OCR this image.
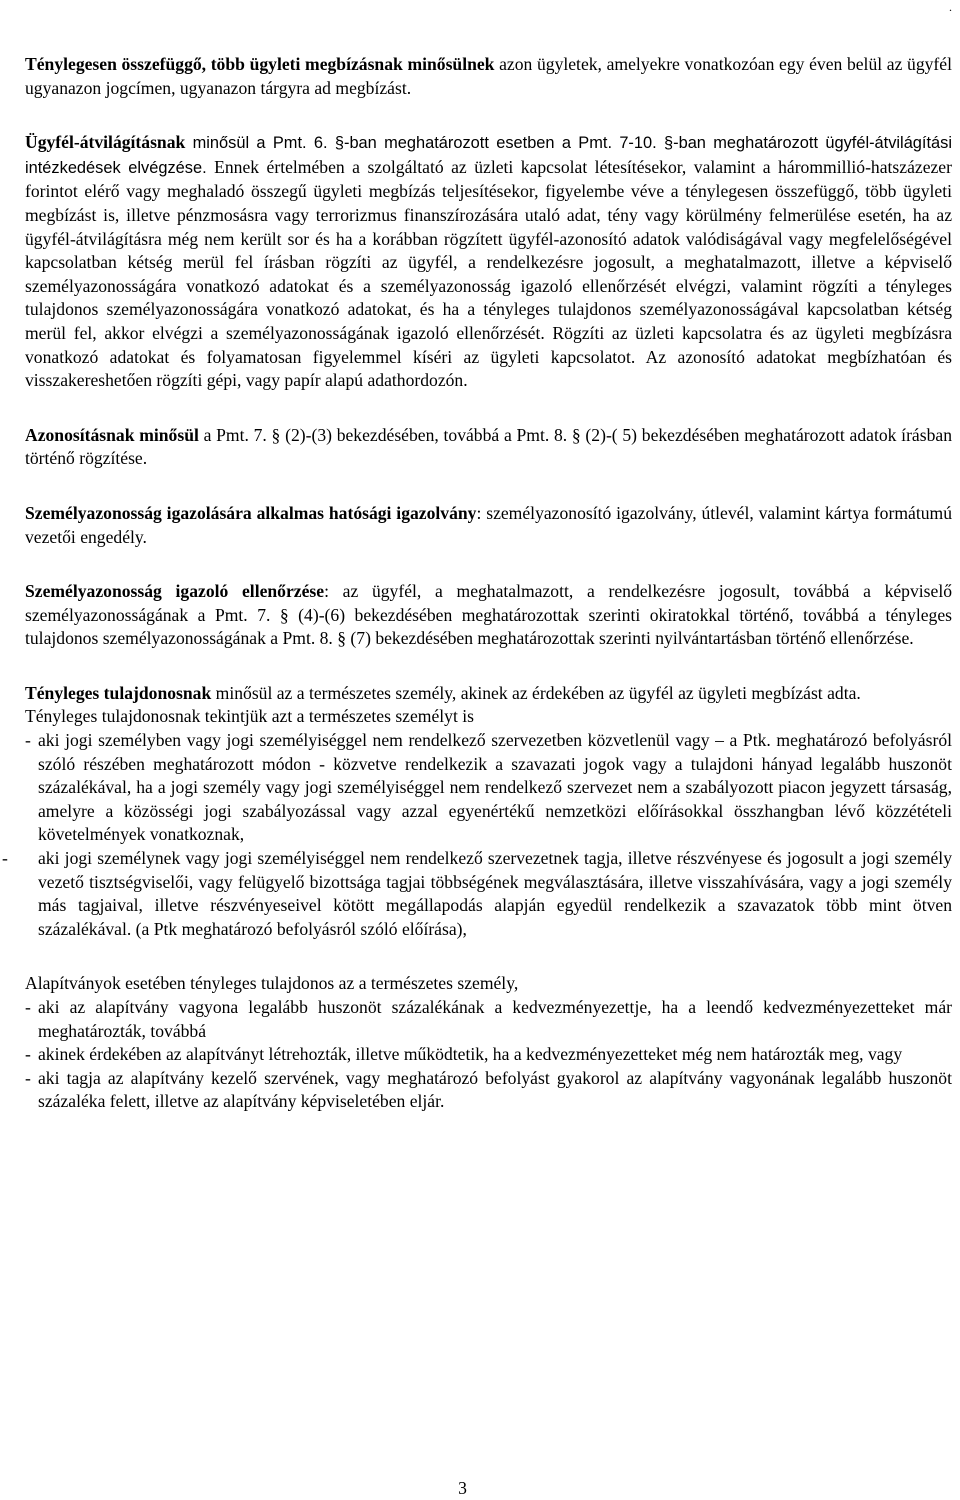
.

Ténylegesen összefüggő, több ügyleti megbízásnak minősülnek azon ügyletek, amelyekre vonatkozóan egy éven belül az ügyfél ugyanazon jogcímen, ugyanazon tárgyra ad megbízást.

Ügyfél-átvilágításnak minősül a Pmt. 6. §-ban meghatározott esetben a Pmt. 7-10. §-ban meghatározott ügyfél-átvilágítási intézkedések elvégzése. Ennek értelmében a szolgáltató az üzleti kapcsolat létesítésekor, valamint a hárommillió-hatszázezer forintot elérő vagy meghaladó összegű ügyleti megbízás teljesítésekor, figyelembe véve a ténylegesen összefüggő, több ügyleti megbízást is, illetve pénzmosásra vagy terrorizmus finanszírozására utaló adat, tény vagy körülmény felmerülése esetén, ha az ügyfél-átvilágításra még nem került sor és ha a korábban rögzített ügyfél-azonosító adatok valódiságával vagy megfelelőségével kapcsolatban kétség merül fel írásban rögzíti az ügyfél, a rendelkezésre jogosult, a meghatalmazott, illetve a képviselő személyazonosságára vonatkozó adatokat és a személyazonosság igazoló ellenőrzését elvégzi, valamint rögzíti a tényleges tulajdonos személyazonosságára vonatkozó adatokat, és ha a tényleges tulajdonos személyazonosságával kapcsolatban kétség merül fel, akkor elvégzi a személyazonosságának igazoló ellenőrzését. Rögzíti az üzleti kapcsolatra és az ügyleti megbízásra vonatkozó adatokat és folyamatosan figyelemmel kíséri az ügyleti kapcsolatot. Az azonosító adatokat megbízhatóan és visszakereshetően rögzíti gépi, vagy papír alapú adathordozón.

Azonosításnak minősül a Pmt. 7. § (2)-(3) bekezdésében, továbbá a Pmt. 8. § (2)-( 5) bekezdésében meghatározott adatok írásban történő rögzítése.

Személyazonosság igazolására alkalmas hatósági igazolvány: személyazonosító igazolvány, útlevél, valamint kártya formátumú vezetői engedély.

Személyazonosság igazoló ellenőrzése: az ügyfél, a meghatalmazott, a rendelkezésre jogosult, továbbá a képviselő személyazonosságának a Pmt. 7. § (4)-(6) bekezdésében meghatározottak szerinti okiratokkal történő, továbbá a tényleges tulajdonos személyazonosságának a Pmt. 8. § (7) bekezdésében meghatározottak szerinti nyilvántartásban történő ellenőrzése.

Tényleges tulajdonosnak minősül az a természetes személy, akinek az érdekében az ügyfél az ügyleti megbízást adta.

Tényleges tulajdonosnak tekintjük azt a természetes személyt is

- aki jogi személyben vagy jogi személyiséggel nem rendelkező szervezetben közvetlenül vagy – a Ptk. meghatározó befolyásról szóló részében meghatározott módon - közvetve rendelkezik a szavazati jogok vagy a tulajdoni hányad legalább huszonöt százalékával, ha a jogi személy vagy jogi személyiséggel nem rendelkező szervezet nem a szabályozott piacon jegyzett társaság, amelyre a közösségi jogi szabályozással vagy azzal egyenértékű nemzetközi előírásokkal összhangban lévő közzétételi követelmények vonatkoznak,
- aki jogi személynek vagy jogi személyiséggel nem rendelkező szervezetnek tagja, illetve részvényese és jogosult a jogi személy vezető tisztségviselői, vagy felügyelő bizottsága tagjai többségének megválasztására, illetve visszahívására, vagy a jogi személy más tagjaival, illetve részvényeseivel kötött megállapodás alapján egyedül rendelkezik a szavazatok több mint ötven százalékával. (a Ptk meghatározó befolyásról szóló előírása),

Alapítványok esetében tényleges tulajdonos az a természetes személy,

- aki az alapítvány vagyona legalább huszonöt százalékának a kedvezményezettje, ha a leendő kedvezményezetteket már meghatározták, továbbá
- akinek érdekében az alapítványt létrehozták, illetve működtetik, ha a kedvezményezetteket még nem határozták meg, vagy
- aki tagja az alapítvány kezelő szervének, vagy meghatározó befolyást gyakorol az alapítvány vagyonának legalább huszonöt százaléka felett, illetve az alapítvány képviseletében eljár.
3
